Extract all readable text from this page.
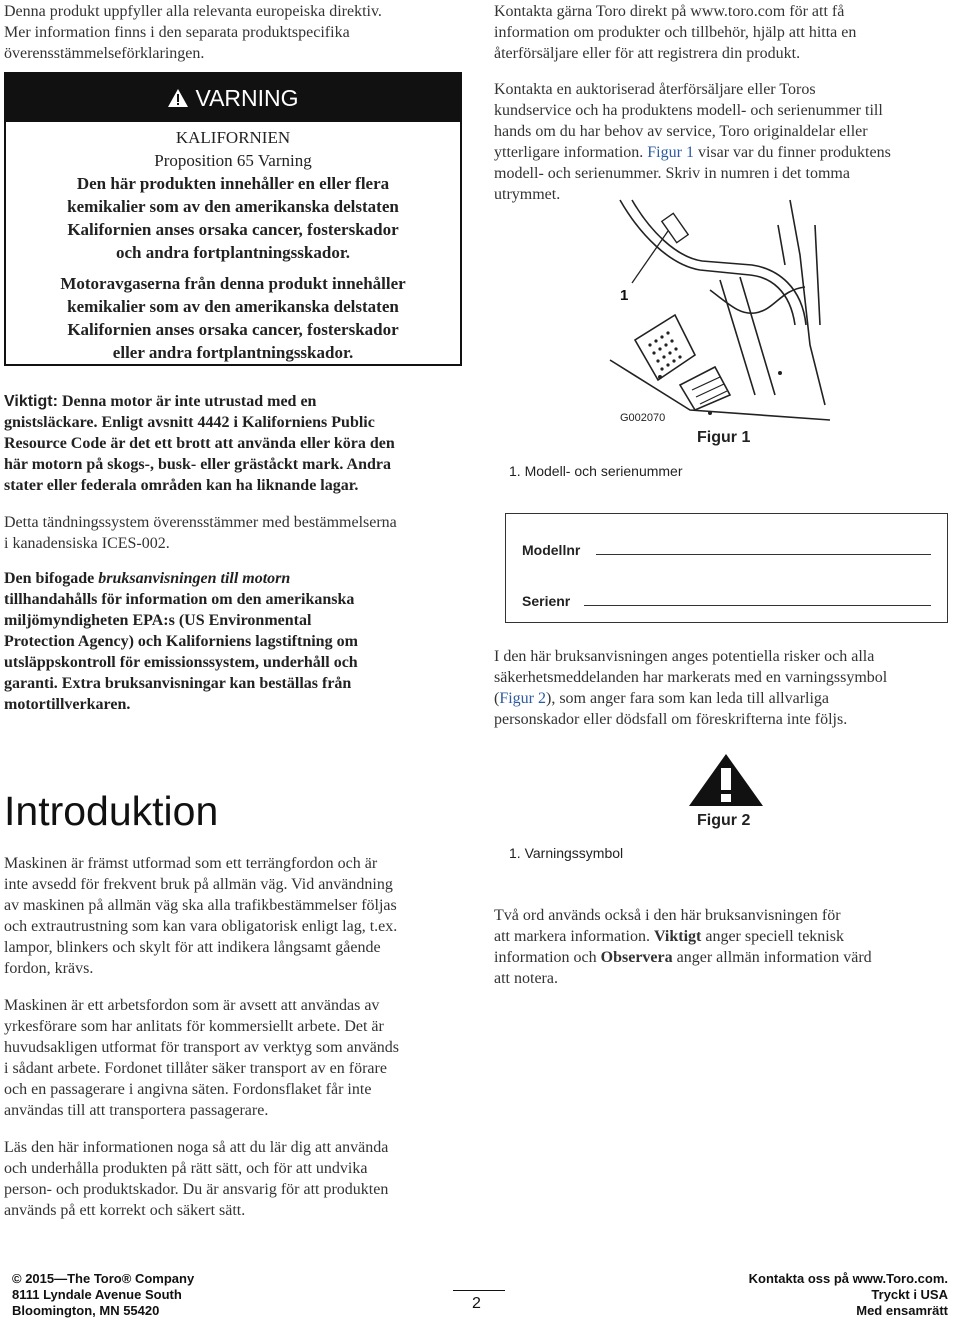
Denna produkt uppfyller alla relevanta europeiska direktiv.

Mer information finns i den separata produktspecifika

överensstämmelseförklaringen.

VARNING

KALIFORNIEN

Proposition 65 Varning

Den här produkten innehåller en eller flera

kemikalier som av den amerikanska delstaten

Kalifornien anses orsaka cancer, fosterskador

och andra fortplantningsskador.

Motoravgaserna från denna produkt innehåller

kemikalier som av den amerikanska delstaten

Kalifornien anses orsaka cancer, fosterskador

eller andra fortplantningsskador.

Viktigt: Denna motor är inte utrustad med en

gnistsläckare. Enligt avsnitt 4442 i Kaliforniens Public

Resource Code är det ett brott att använda eller köra den

här motorn på skogs-, busk- eller gräståckt mark. Andra

stater eller federala områden kan ha liknande lagar.

Detta tändningssystem överensstämmer med bestämmelserna

i kanadensiska ICES-002.

Den bifogade bruksanvisningen till motorn

tillhandahålls för information om den amerikanska

miljömyndigheten EPA:s (US Environmental

Protection Agency) och Kaliforniens lagstiftning om

utsläppskontroll för emissionssystem, underhåll och

garanti. Extra bruksanvisningar kan beställas från

motortillverkaren.

Introduktion

Maskinen är främst utformad som ett terrängfordon och är

inte avsedd för frekvent bruk på allmän väg. Vid användning

av maskinen på allmän väg ska alla trafikbestämmelser följas

och extrautrustning som kan vara obligatorisk enligt lag, t.ex.

lampor, blinkers och skylt för att indikera långsamt gående

fordon, krävs.

Maskinen är ett arbetsfordon som är avsett att användas av

yrkesförare som har anlitats för kommersiellt arbete. Det är

huvudsakligen utformat för transport av verktyg som används

i sådant arbete. Fordonet tillåter säker transport av en förare

och en passagerare i angivna säten. Fordonsflaket får inte

användas till att transportera passagerare.

Läs den här informationen noga så att du lär dig att använda

och underhålla produkten på rätt sätt, och för att undvika

person- och produktskador. Du är ansvarig för att produkten

används på ett korrekt och säkert sätt.

Kontakta gärna Toro direkt på www.toro.com för att få

information om produkter och tillbehör, hjälp att hitta en

återförsäljare eller för att registrera din produkt.

Kontakta en auktoriserad återförsäljare eller Toros

kundservice och ha produktens modell- och serienummer till

hands om du har behov av service, Toro originaldelar eller

ytterligare information. Figur 1 visar var du finner produktens

modell- och serienummer. Skriv in numren i det tomma

utrymmet.

1
G002070
Figur 1
1. Modell- och serienummer
Modellnr
Serienr

I den här bruksanvisningen anges potentiella risker och alla

säkerhetsmeddelanden har markerats med en varningssymbol

(Figur 2), som anger fara som kan leda till allvarliga

personskador eller dödsfall om föreskrifterna inte följs.

Figur 2
1. Varningssymbol

Två ord används också i den här bruksanvisningen för

att markera information. Viktigt anger speciell teknisk

information och Observera anger allmän information värd

att notera.

© 2015—The Toro® Company

8111 Lyndale Avenue South

Bloomington, MN 55420	2

Kontakta oss på www.Toro.com.

Tryckt i USA

Med ensamrätt
